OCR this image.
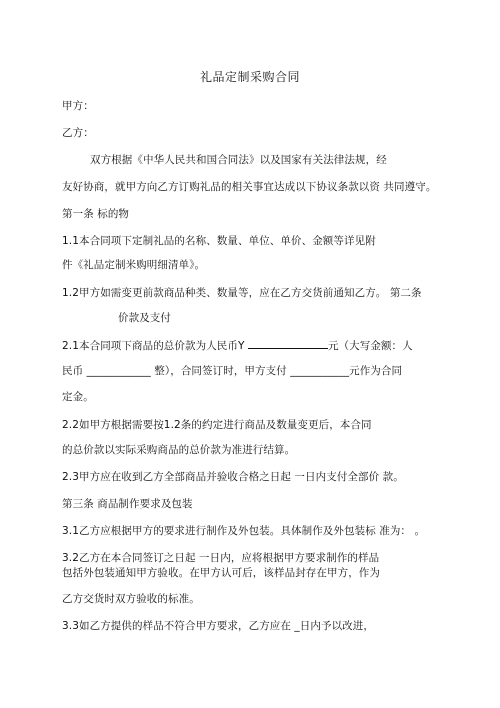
礼品定制采购合同
甲方：
乙方：
双方根据《中华人民共和国合同法》以及国家有关法律法规，经
友好协商，就甲方向乙方订购礼品的相关事宜达成以下协议条款以资 共同遵守。
第一条 标的物
1.1本合同项下定制礼品的名称、数量、单位、单价、金额等详见附
件《礼品定制米购明细清单》。
1.2甲方如需变更前款商品种类、数量等，应在乙方交货前通知乙方。 第二条
价款及支付
2.1本合同项下商品的总价款为人民币Y	元（大写金额：人
民币 ____________ 整），合同签订时，甲方支付 ___________元作为合同
定金。
2.2如甲方根据需要按1.2条的约定进行商品及数量变更后，本合同
的总价款以实际采购商品的总价款为准进行结算。
2.3甲方应在收到乙方全部商品并验收合格之日起 一日内支付全部价 款。
第三条 商品制作要求及包装
3.1乙方应根据甲方的要求进行制作及外包装。具体制作及外包装标 准为： 。
3.2乙方在本合同签订之日起 一日内，应将根据甲方要求制作的样品
包括外包装通知甲方验收。在甲方认可后，该样品封存在甲方，作为
乙方交货时双方验收的标准。
3.3如乙方提供的样品不符合甲方要求，乙方应在 _日内予以改进，
